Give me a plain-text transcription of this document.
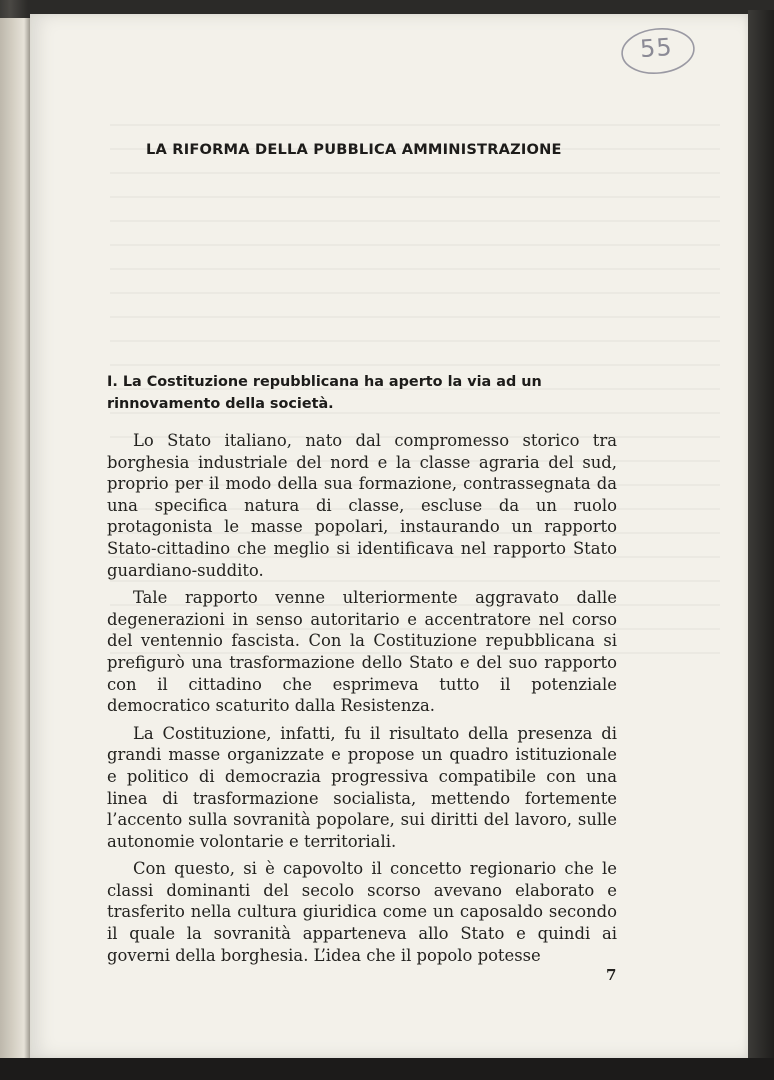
55
LA RIFORMA DELLA PUBBLICA AMMINISTRAZIONE
I. La Costituzione repubblicana ha aperto la via ad un rinnovamento della società.

Lo Stato italiano, nato dal compromesso storico tra borghesia industriale del nord e la classe agraria del sud, proprio per il modo della sua formazione, contrassegnata da una specifica natura di classe, escluse da un ruolo protagonista le masse popolari, instaurando un rapporto Stato-cittadino che meglio si identificava nel rapporto Stato guardiano-suddito.

Tale rapporto venne ulteriormente aggravato dalle degenerazioni in senso autoritario e accentratore nel corso del ventennio fascista. Con la Costituzione repubblicana si prefigurò una trasformazione dello Stato e del suo rapporto con il cittadino che esprimeva tutto il potenziale democratico scaturito dalla Resistenza.

La Costituzione, infatti, fu il risultato della presenza di grandi masse organizzate e propose un quadro istituzionale e politico di democrazia progressiva compatibile con una linea di trasformazione socialista, mettendo fortemente l’accento sulla sovranità popolare, sui diritti del lavoro, sulle autonomie volontarie e territoriali.

Con questo, si è capovolto il concetto regionario che le classi dominanti del secolo scorso avevano elaborato e trasferito nella cultura giuridica come un caposaldo secondo il quale la sovranità apparteneva allo Stato e quindi ai governi della borghesia. L’idea che il popolo potesse

7
